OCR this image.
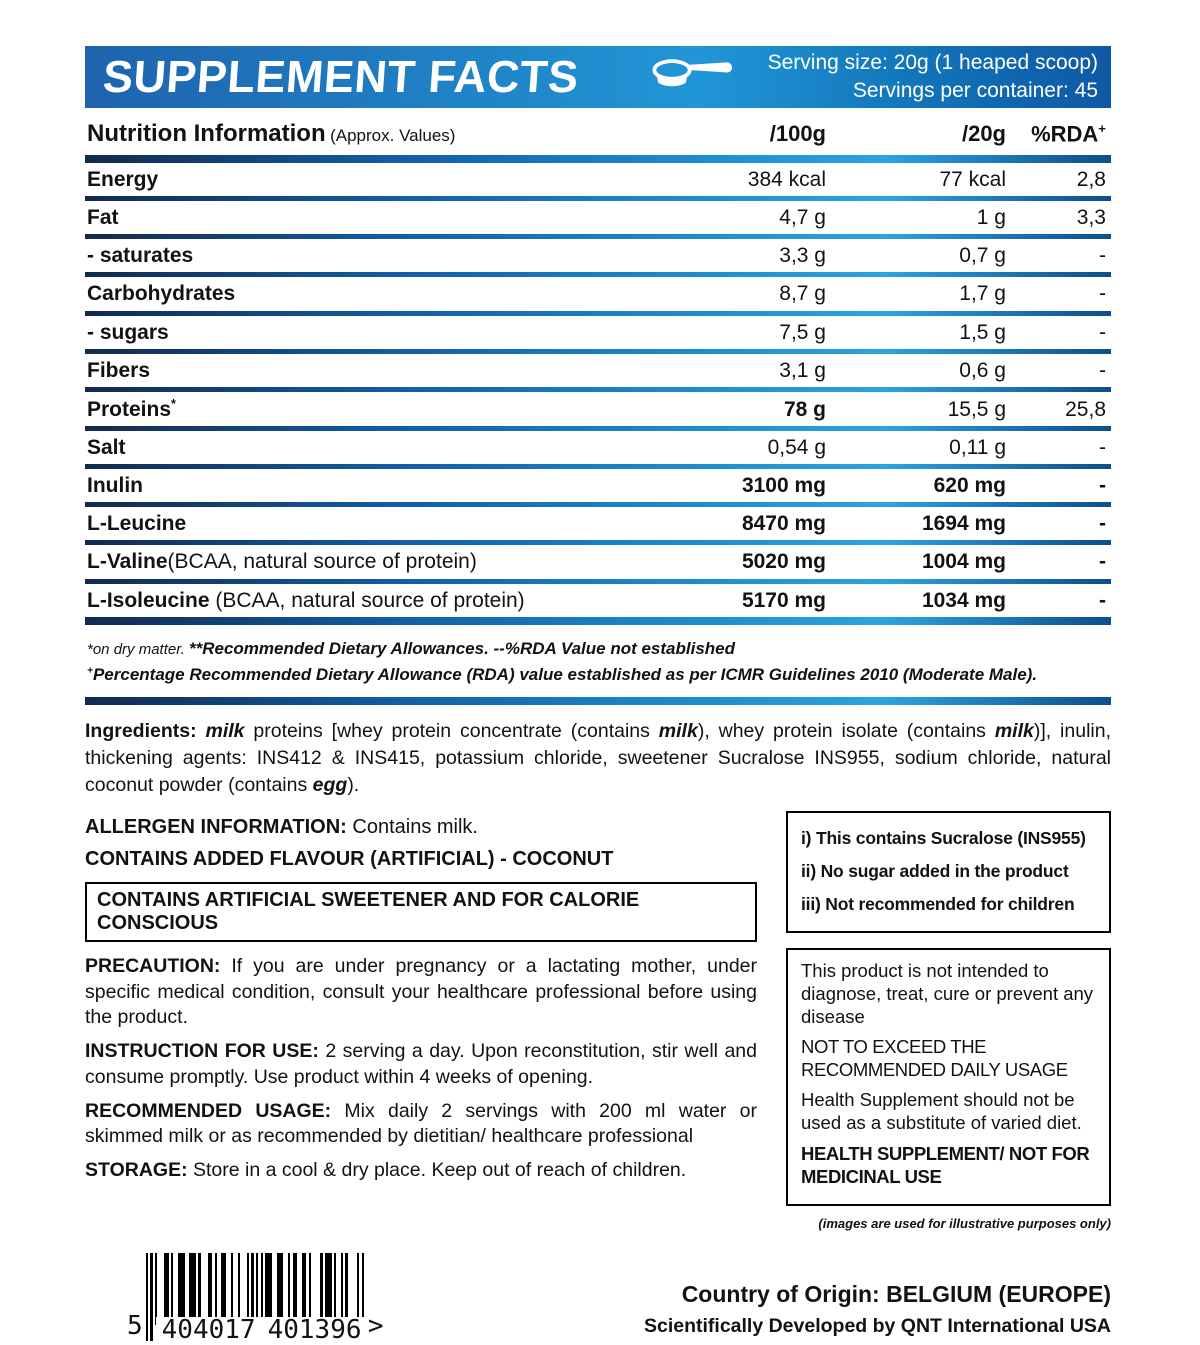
SUPPLEMENT FACTS	Serving size: 20g (1 heaped scoop)
Servings per container: 45
Nutrition Information (Approx. Values)	/100g	/20g	%RDA+
Energy	384 kcal	77 kcal	2,8
Fat	4,7 g	1 g	3,3
- saturates	3,3 g	0,7 g	-
Carbohydrates	8,7 g	1,7 g	-
- sugars	7,5 g	1,5 g	-
Fibers	3,1 g	0,6 g	-
Proteins*	78 g	15,5 g	25,8
Salt	0,54 g	0,11 g	-
Inulin	3100 mg	620 mg	-
L-Leucine	8470 mg	1694 mg	-
L-Valine(BCAA, natural source of protein)	5020 mg	1004 mg	-
L-Isoleucine (BCAA, natural source of protein)	5170 mg	1034 mg	-
*on dry matter. **Recommended Dietary Allowances. --%RDA Value not established
+Percentage Recommended Dietary Allowance (RDA) value established as per ICMR Guidelines 2010 (Moderate Male).

Ingredients: milk proteins [whey protein concentrate (contains milk), whey protein isolate (contains milk)], inulin, thickening agents: INS412 & INS415, potassium chloride, sweetener Sucralose INS955, sodium chloride, natural coconut powder (contains egg).

ALLERGEN INFORMATION: Contains milk.
CONTAINS ADDED FLAVOUR (ARTIFICIAL) - COCONUT
CONTAINS ARTIFICIAL SWEETENER AND FOR CALORIE CONSCIOUS

PRECAUTION: If you are under pregnancy or a lactating mother, under specific medical condition, consult your healthcare professional before using the product.

INSTRUCTION FOR USE: 2 serving a day. Upon reconstitution, stir well and consume promptly. Use product within 4 weeks of opening.

RECOMMENDED USAGE: Mix daily 2 servings with 200 ml water or skimmed milk or as recommended by dietitian/ healthcare professional

STORAGE: Store in a cool & dry place. Keep out of reach of children.

i) This contains Sucralose (INS955)
ii) No sugar added in the product
iii) Not recommended for children

This product is not intended to diagnose, treat, cure or prevent any disease

NOT TO EXCEED THE RECOMMENDED DAILY USAGE

Health Supplement should not be used as a substitute of varied diet.

HEALTH SUPPLEMENT/ NOT FOR MEDICINAL USE

(images are used for illustrative purposes only)
5 404017 401396 >
Country of Origin: BELGIUM (EUROPE)
Scientifically Developed by QNT International USA
